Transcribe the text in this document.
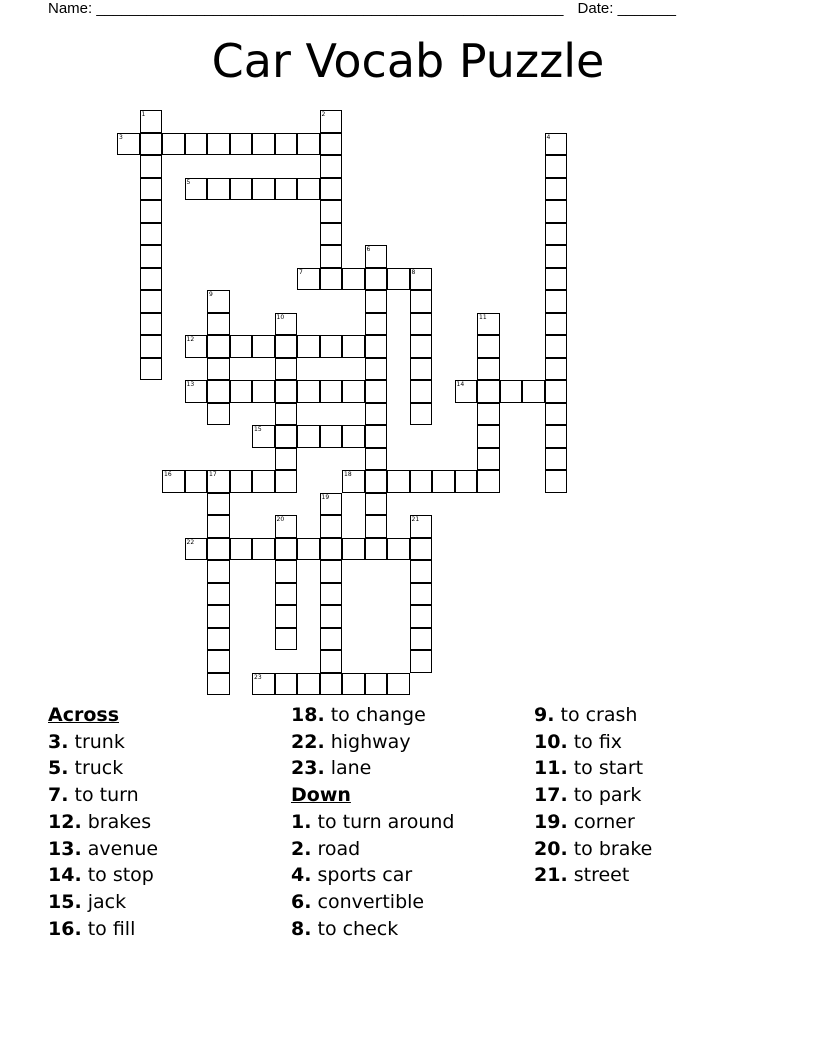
Name: ________________________________________________________ Date: _______
Car Vocab Puzzle
3
1	2
4
5
6
7	8
9
10	11
12
13	14
15
16	17	18
19
20	21
22
23
Across
3. trunk
5. truck
7. to turn
12. brakes
13. avenue
14. to stop
15. jack
16. to fill
18. to change
22. highway
23. lane
Down
1. to turn around
2. road
4. sports car
6. convertible
8. to check
9. to crash
10. to fix
11. to start
17. to park
19. corner
20. to brake
21. street
